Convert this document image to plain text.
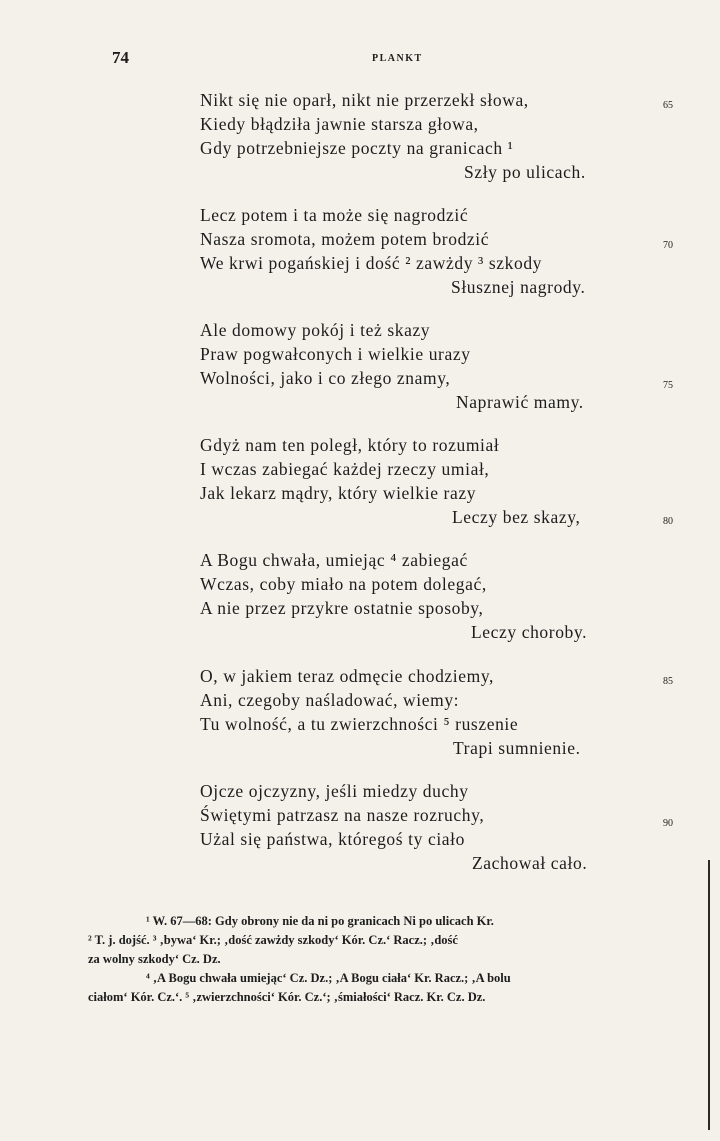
74	PLANKT
Nikt się nie oparł, nikt nie przerzekł słowa,
Kiedy błądziła jawnie starsza głowa,
Gdy potrzebniejsze poczty na granicach ¹
Szły po ulicach.
65
Lecz potem i ta może się nagrodzić
Nasza sromota, możem potem brodzić
We krwi pogańskiej i dość ² zawżdy ³ szkody
Słusznej nagrody.
70
Ale domowy pokój i też skazy
Praw pogwałconych i wielkie urazy
Wolności, jako i co złego znamy,
Naprawić mamy.
75
Gdyż nam ten poległ, który to rozumiał
I wczas zabiegać każdej rzeczy umiał,
Jak lekarz mądry, który wielkie razy
Leczy bez skazy,	80
A Bogu chwała, umiejąc ⁴ zabiegać
Wczas, coby miało na potem dolegać,
A nie przez przykre ostatnie sposoby,
Leczy choroby.
O, w jakiem teraz odmęcie chodziemy,
Ani, czegoby naśladować, wiemy:
Tu wolność, a tu zwierzchności ⁵ ruszenie
Trapi sumnienie.
85
Ojcze ojczyzny, jeśli miedzy duchy
Świętymi patrzasz na nasze rozruchy,
Użal się państwa, któregoś ty ciało
Zachował cało.
90
¹ W. 67—68: Gdy obrony nie da ni po granicach Ni po ulicach Kr.
² T. j. dojść. ³ ‚bywa‘ Kr.; ‚dość zawżdy szkody‘ Kór. Cz.‘ Racz.; ‚dość
za wolny szkody‘ Cz. Dz.
⁴ ‚A Bogu chwała umiejąc‘ Cz. Dz.; ‚A Bogu ciała‘ Kr. Racz.; ‚A bolu
ciałom‘ Kór. Cz.‘. ⁵ ‚zwierzchności‘ Kór. Cz.‘; ‚śmiałości‘ Racz. Kr. Cz. Dz.
